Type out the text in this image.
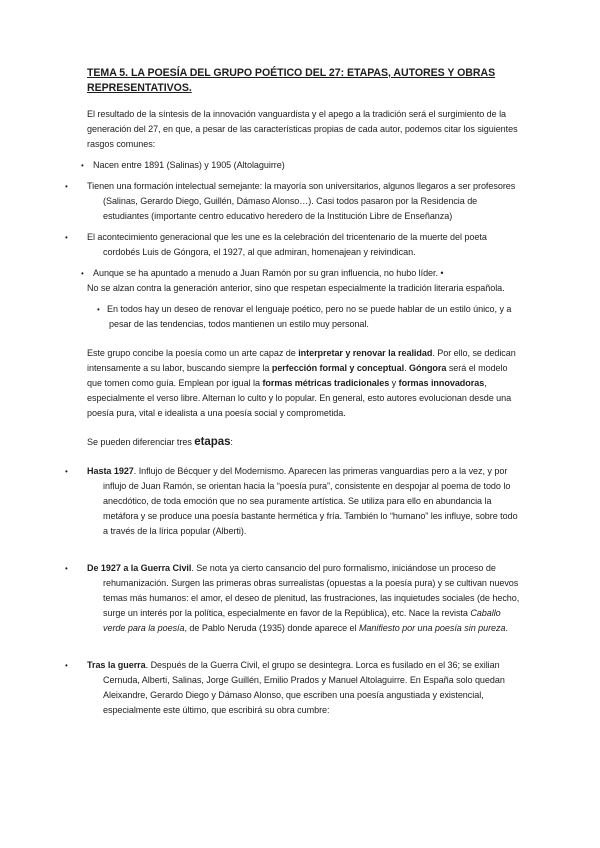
TEMA 5. LA POESÍA DEL GRUPO POÉTICO DEL 27: ETAPAS, AUTORES Y OBRAS REPRESENTATIVOS.

El resultado de la síntesis de la innovación vanguardista y el apego a la tradición será el surgimiento de la generación del 27, en que, a pesar de las características propias de cada autor, podemos citar los siguientes rasgos comunes:

• Nacen entre 1891 (Salinas) y 1905 (Altolaguirre)
• Tienen una formación intelectual semejante: la mayoría son universitarios, algunos llegaros a ser profesores (Salinas, Gerardo Diego, Guillén, Dámaso Alonso…). Casi todos pasaron por la Residencia de estudiantes (importante centro educativo heredero de la Institución Libre de Enseñanza)
• El acontecimiento generacional que les une es la celebración del tricentenario de la muerte del poeta cordobés Luis de Góngora, el 1927, al que admiran, homenajean y reivindican.
• Aunque se ha apuntado a menudo a Juan Ramón por su gran influencia, no hubo líder. •
No se alzan contra la generación anterior, sino que respetan especialmente la tradición literaria española.
• En todos hay un deseo de renovar el lenguaje poético, pero no se puede hablar de un estilo único, y a pesar de las tendencias, todos mantienen un estilo muy personal.

Este grupo concibe la poesía como un arte capaz de interpretar y renovar la realidad. Por ello, se dedican intensamente a su labor, buscando siempre la perfección formal y conceptual. Góngora será el modelo que tomen como guía. Emplean por igual la formas métricas tradicionales y formas innovadoras, especialmente el verso libre. Alternan lo culto y lo popular. En general, esto autores evolucionan desde una poesía pura, vital e idealista a una poesía social y comprometida.

Se pueden diferenciar tres etapas:

• Hasta 1927. Influjo de Bécquer y del Modernismo. Aparecen las primeras vanguardias pero a la vez, y por influjo de Juan Ramón, se orientan hacia la “poesía pura”, consistente en despojar al poema de todo lo anecdótico, de toda emoción que no sea puramente artística. Se utiliza para ello en abundancia la metáfora y se produce una poesía bastante hermética y fría. También lo “humano” les influye, sobre todo a través de la lírica popular (Alberti).
• De 1927 a la Guerra Civil. Se nota ya cierto cansancio del puro formalismo, iniciándose un proceso de rehumanización. Surgen las primeras obras surrealistas (opuestas a la poesía pura) y se cultivan nuevos temas más humanos: el amor, el deseo de plenitud, las frustraciones, las inquietudes sociales (de hecho, surge un interés por la política, especialmente en favor de la República), etc. Nace la revista Caballo verde para la poesía, de Pablo Neruda (1935) donde aparece el Manifiesto por una poesía sin pureza.
• Tras la guerra. Después de la Guerra Civil, el grupo se desintegra. Lorca es fusilado en el 36; se exilian Cernuda, Alberti, Salinas, Jorge Guillén, Emilio Prados y Manuel Altolaguirre. En España solo quedan Aleixandre, Gerardo Diego y Dámaso Alonso, que escriben una poesía angustiada y existencial, especialmente este último, que escribirá su obra cumbre:
